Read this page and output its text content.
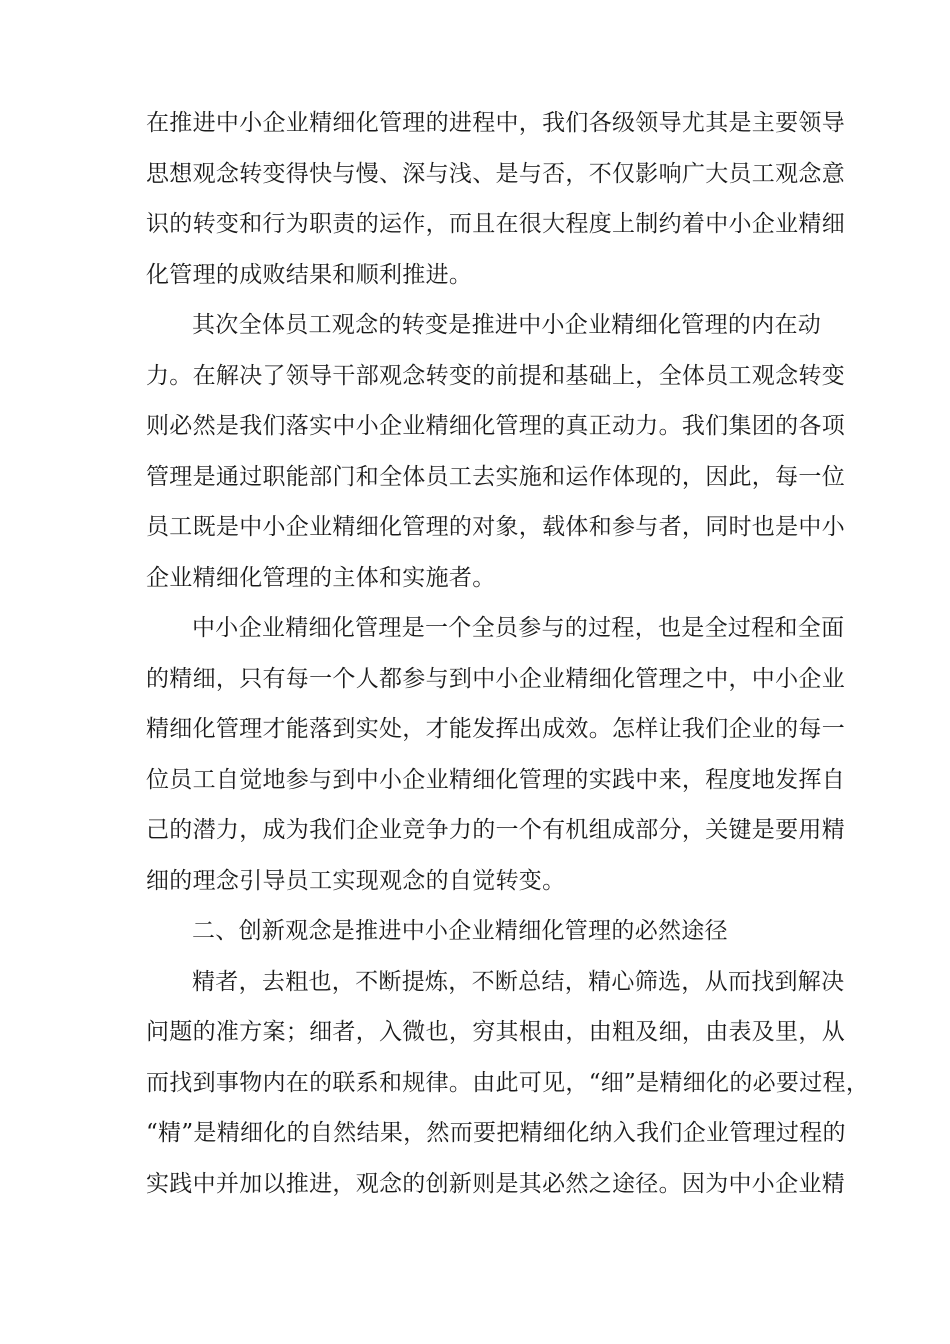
在推进中小企业精细化管理的进程中，我们各级领导尤其是主要领导
思想观念转变得快与慢、深与浅、是与否，不仅影响广大员工观念意
识的转变和行为职责的运作，而且在很大程度上制约着中小企业精细
化管理的成败结果和顺利推进。

其次全体员工观念的转变是推进中小企业精细化管理的内在动
力。在解决了领导干部观念转变的前提和基础上，全体员工观念转变
则必然是我们落实中小企业精细化管理的真正动力。我们集团的各项
管理是通过职能部门和全体员工去实施和运作体现的，因此，每一位
员工既是中小企业精细化管理的对象，载体和参与者，同时也是中小
企业精细化管理的主体和实施者。

中小企业精细化管理是一个全员参与的过程，也是全过程和全面
的精细，只有每一个人都参与到中小企业精细化管理之中，中小企业
精细化管理才能落到实处，才能发挥出成效。怎样让我们企业的每一
位员工自觉地参与到中小企业精细化管理的实践中来，程度地发挥自
己的潜力，成为我们企业竞争力的一个有机组成部分，关键是要用精
细的理念引导员工实现观念的自觉转变。

二、创新观念是推进中小企业精细化管理的必然途径

精者，去粗也，不断提炼，不断总结，精心筛选，从而找到解决
问题的准方案；细者，入微也，穷其根由，由粗及细，由表及里，从
而找到事物内在的联系和规律。由此可见，“细”是精细化的必要过程，
“精”是精细化的自然结果，然而要把精细化纳入我们企业管理过程的
实践中并加以推进，观念的创新则是其必然之途径。因为中小企业精
